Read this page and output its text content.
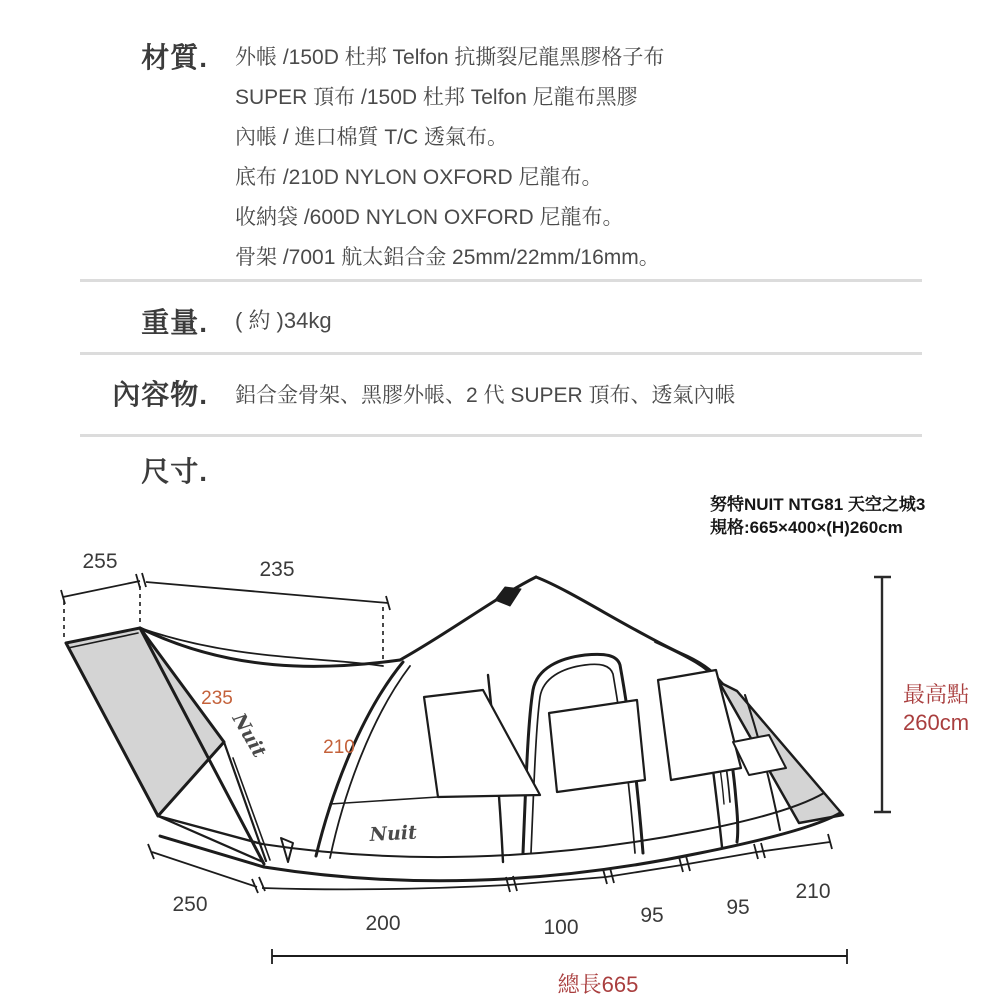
材質. 外帳 /150D 杜邦 Telfon 抗撕裂尼龍黑膠格子布
SUPER 頂布 /150D 杜邦 Telfon 尼龍布黑膠
內帳 / 進口棉質 T/C 透氣布。
底布 /210D NYLON OXFORD 尼龍布。
收納袋 /600D NYLON OXFORD 尼龍布。
骨架 /7001 航太鋁合金 25mm/22mm/16mm。
重量. ( 約 )34kg
內容物. 鋁合金骨架、黑膠外帳、2 代 SUPER 頂布、透氣內帳
尺寸.
努特NUIT NTG81 天空之城3
規格:665×400×(H)260cm
255	235
Nuit
Nuit
235
210
250
200	100
95	95
210
總長665
最高點
260cm
